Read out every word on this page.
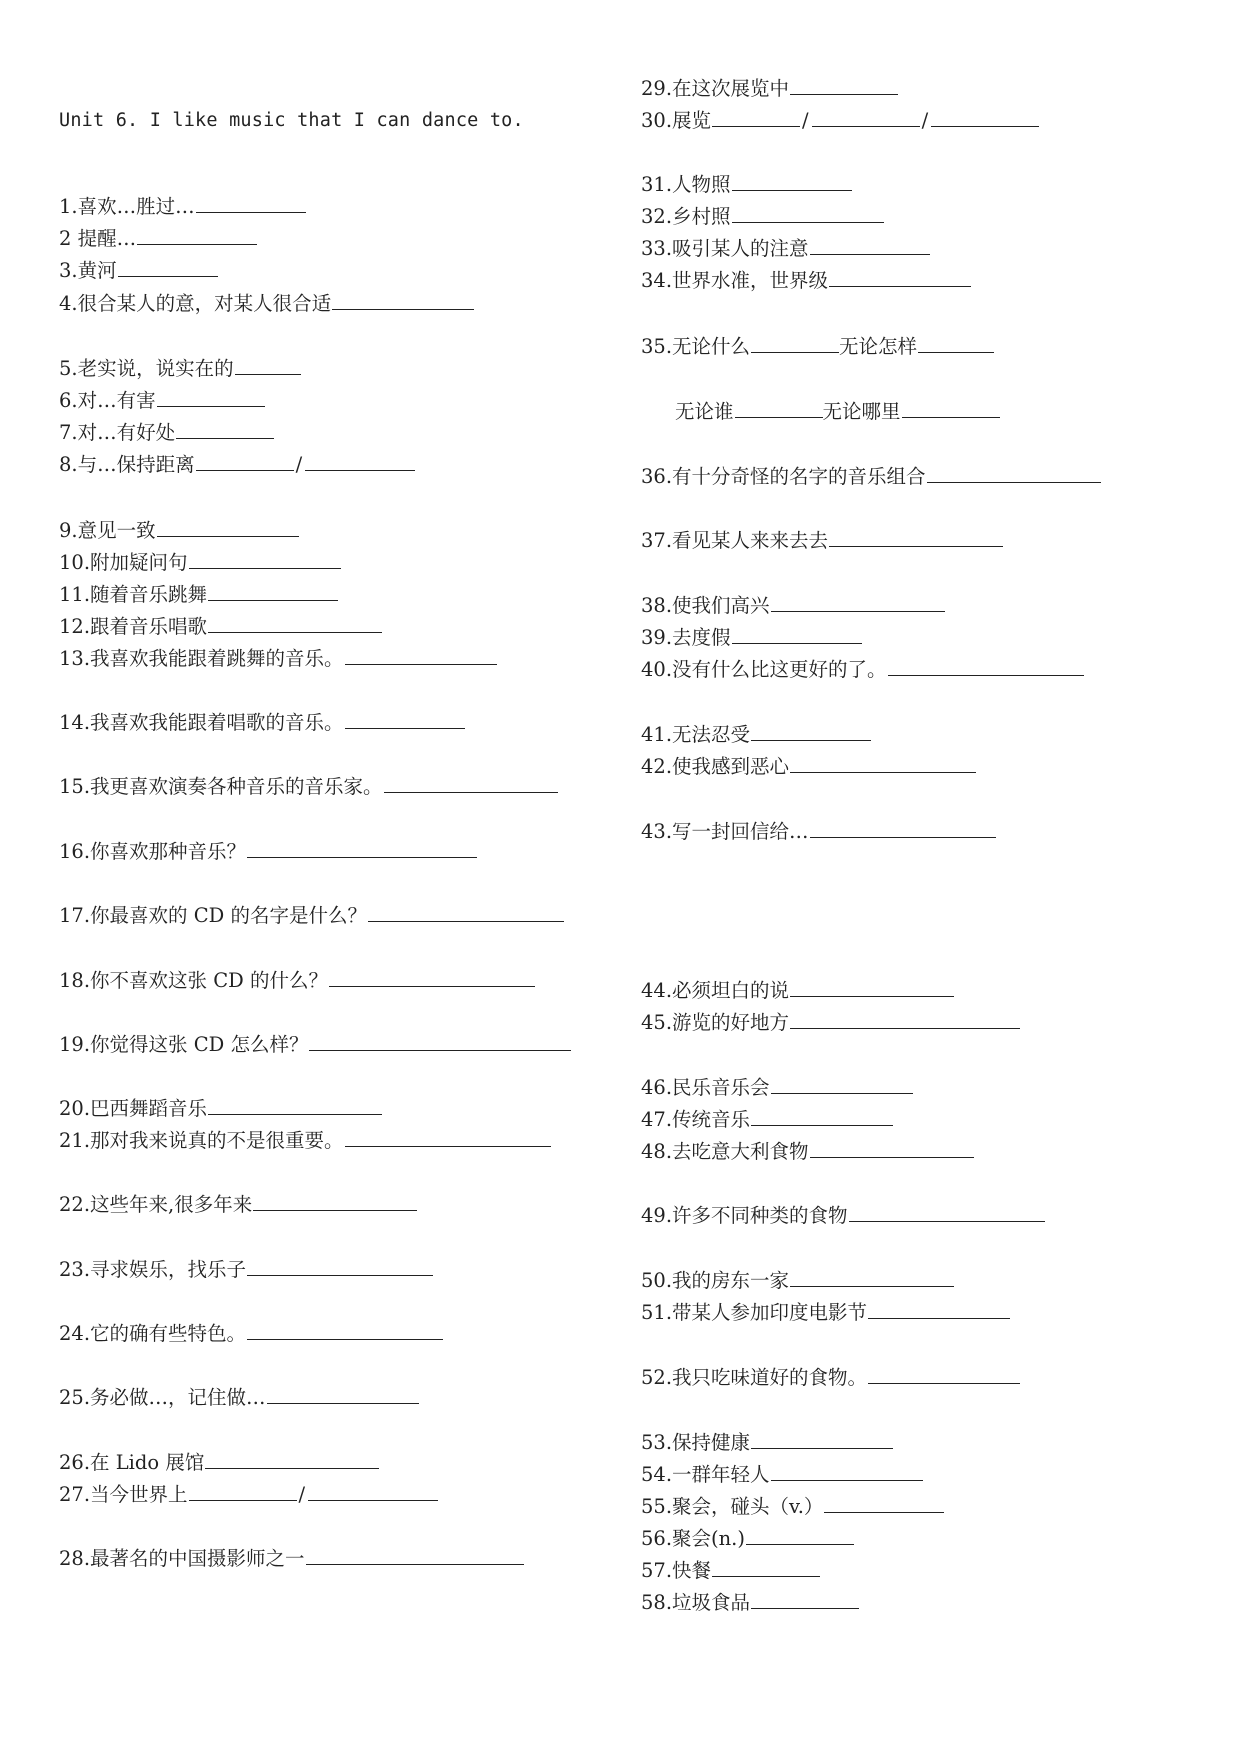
Unit 6. I like music that I can dance to.
1.喜欢…胜过…
2 提醒…
3.黄河
4.很合某人的意，对某人很合适
5.老实说，说实在的
6.对…有害
7.对…有好处
8.与…保持距离	/
9.意见一致
10.附加疑问句
11.随着音乐跳舞
12.跟着音乐唱歌
13.我喜欢我能跟着跳舞的音乐。
14.我喜欢我能跟着唱歌的音乐。
15.我更喜欢演奏各种音乐的音乐家。
16.你喜欢那种音乐？
17.你最喜欢的 CD 的名字是什么？
18.你不喜欢这张 CD 的什么？
19.你觉得这张 CD 怎么样？
20.巴西舞蹈音乐
21.那对我来说真的不是很重要。
22.这些年来,很多年来
23.寻求娱乐，找乐子
24.它的确有些特色。
25.务必做…，记住做…
26.在 Lido 展馆
27.当今世界上	/
28.最著名的中国摄影师之一
29.在这次展览中
30.展览	/	/
31.人物照
32.乡村照
33.吸引某人的注意
34.世界水准，世界级
35.无论什么	无论怎样
无论谁	无论哪里
36.有十分奇怪的名字的音乐组合
37.看见某人来来去去
38.使我们高兴
39.去度假
40.没有什么比这更好的了。
41.无法忍受
42.使我感到恶心
43.写一封回信给…
44.必须坦白的说
45.游览的好地方
46.民乐音乐会
47.传统音乐
48.去吃意大利食物
49.许多不同种类的食物
50.我的房东一家
51.带某人参加印度电影节
52.我只吃味道好的食物。
53.保持健康
54.一群年轻人
55.聚会，碰头（v.）
56.聚会(n.)
57.快餐
58.垃圾食品
